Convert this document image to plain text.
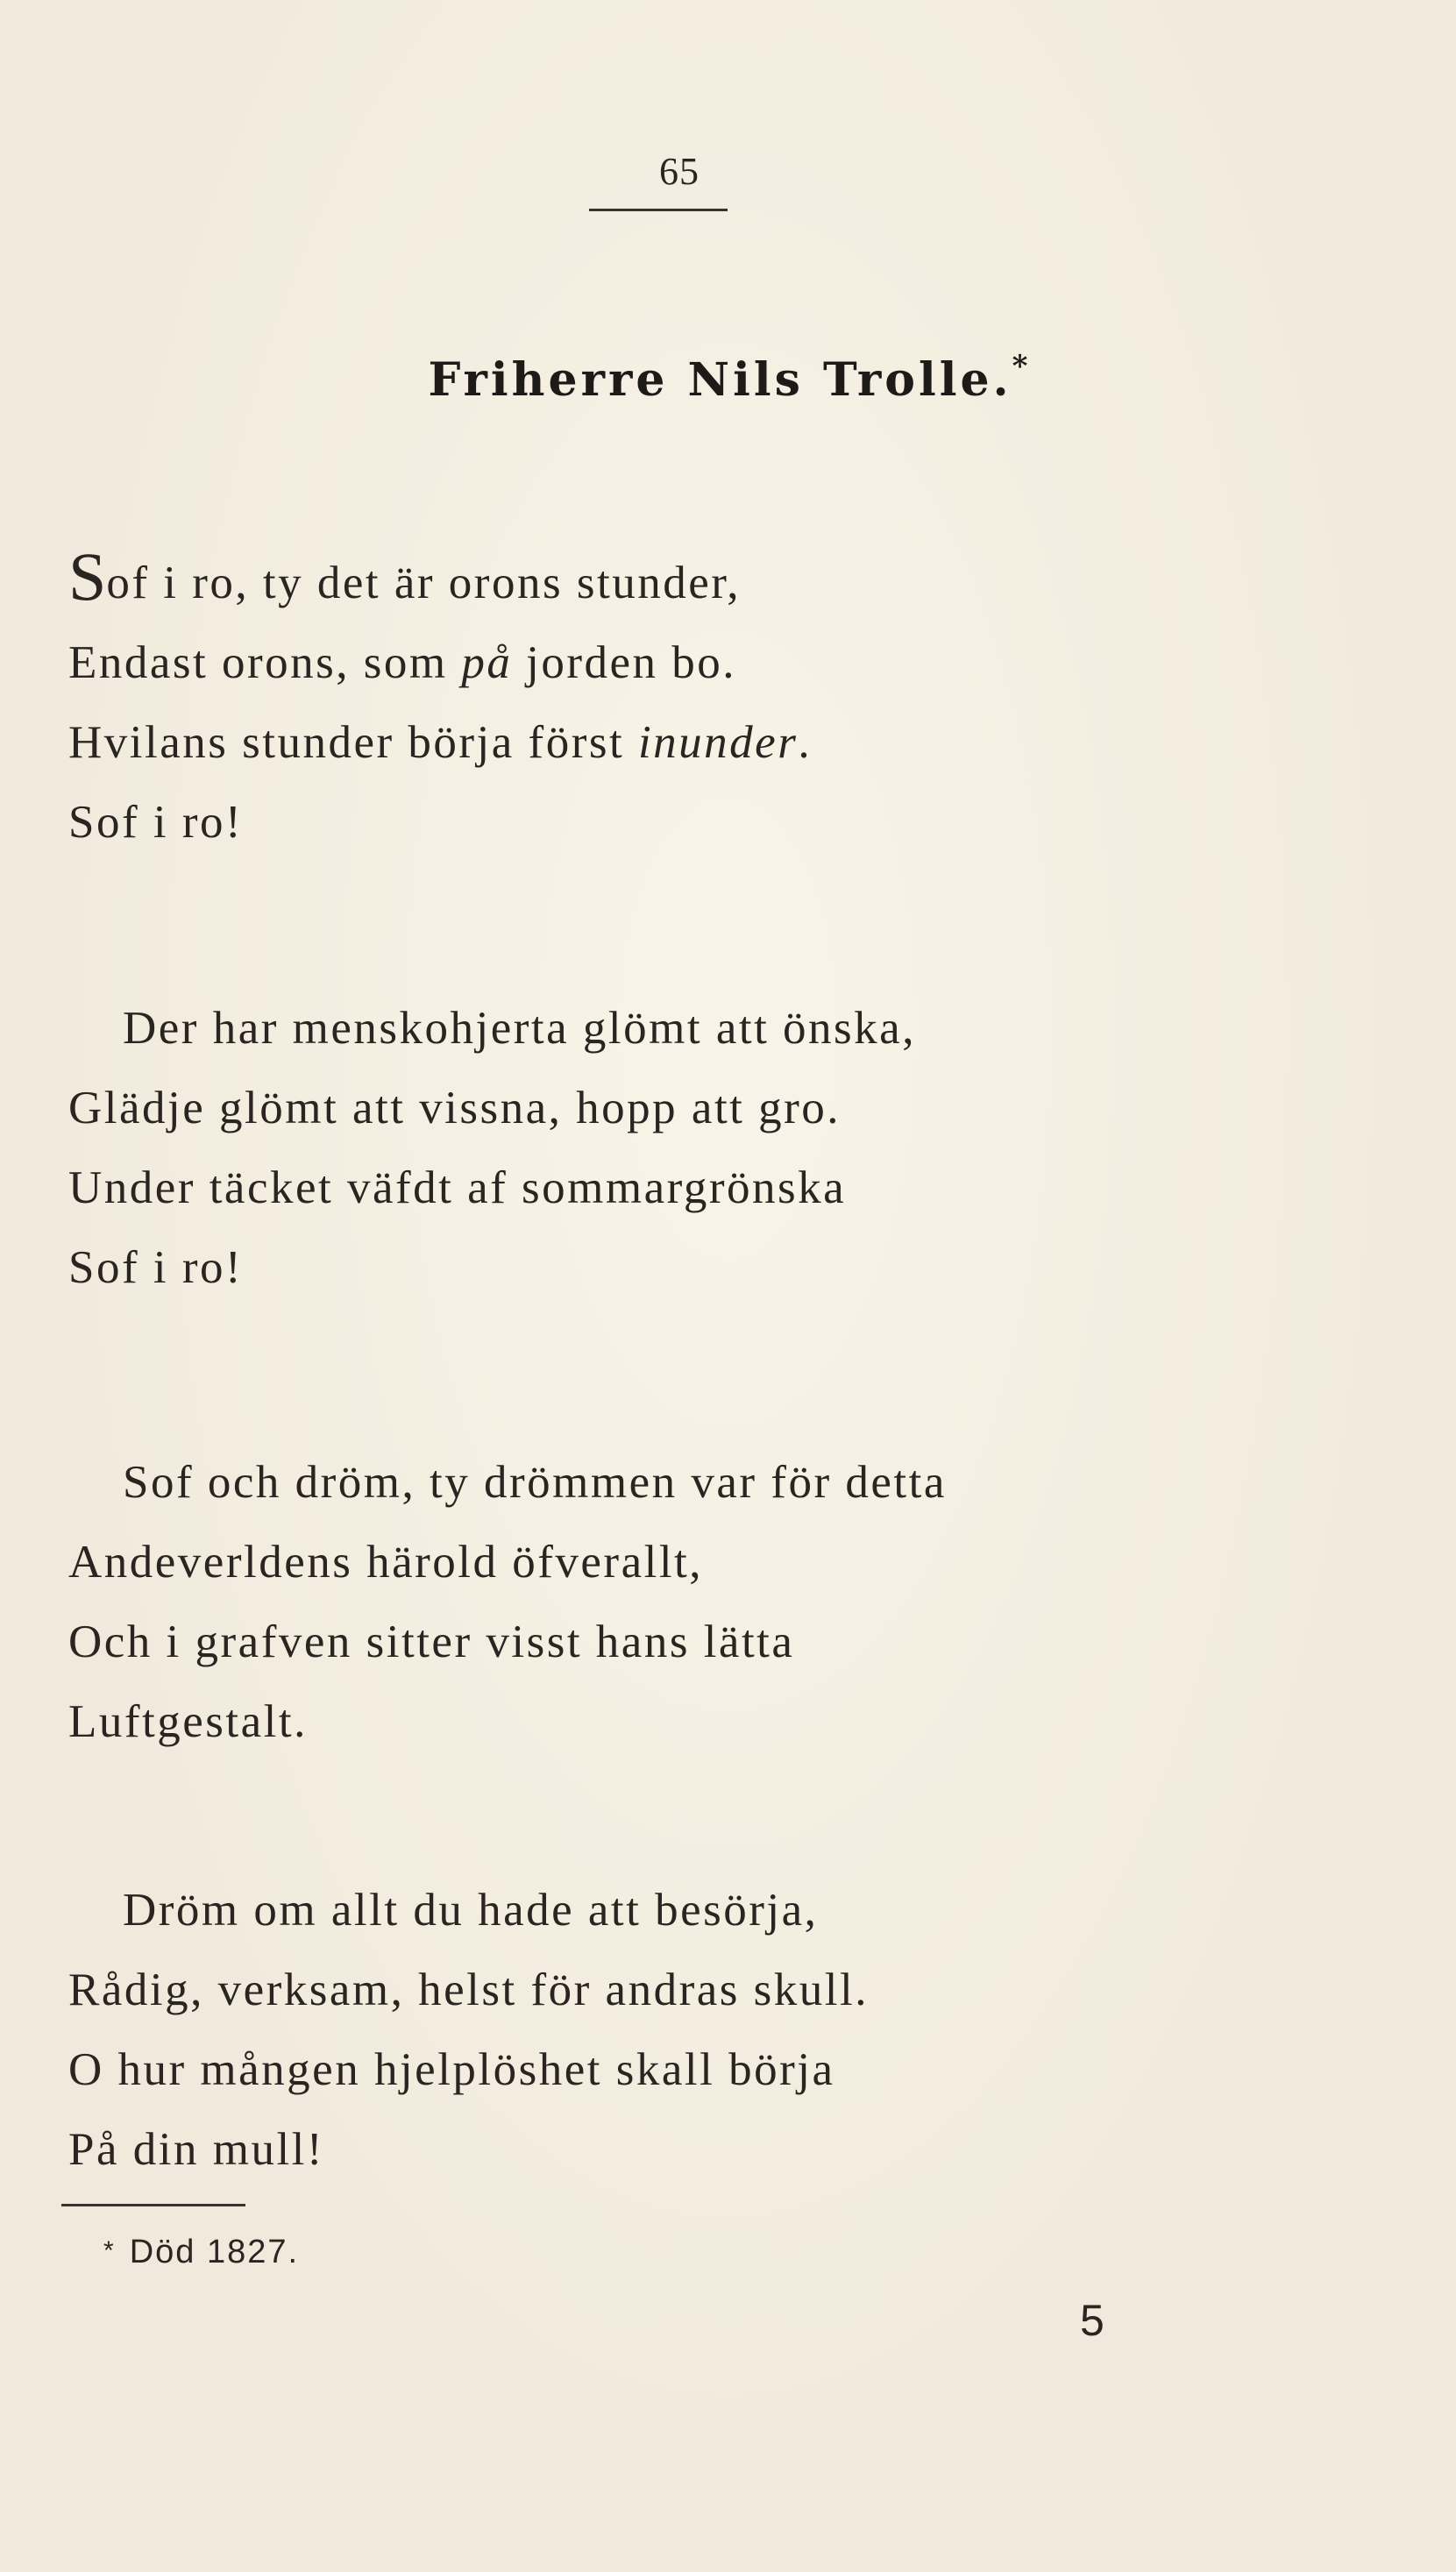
65
Friherre Nils Trolle.*
Sof i ro, ty det är orons stunder,
Endast orons, som på jorden bo.
Hvilans stunder börja först inunder.
Sof i ro!
Der har menskohjerta glömt att önska,
Glädje glömt att vissna, hopp att gro.
Under täcket väfdt af sommargrönska
Sof i ro!
Sof och dröm, ty drömmen var för detta
Andeverldens härold öfverallt,
Och i grafven sitter visst hans lätta
Luftgestalt.
Dröm om allt du hade att besörja,
Rådig, verksam, helst för andras skull.
O hur mången hjelplöshet skall börja
På din mull!
* Död 1827.
5
